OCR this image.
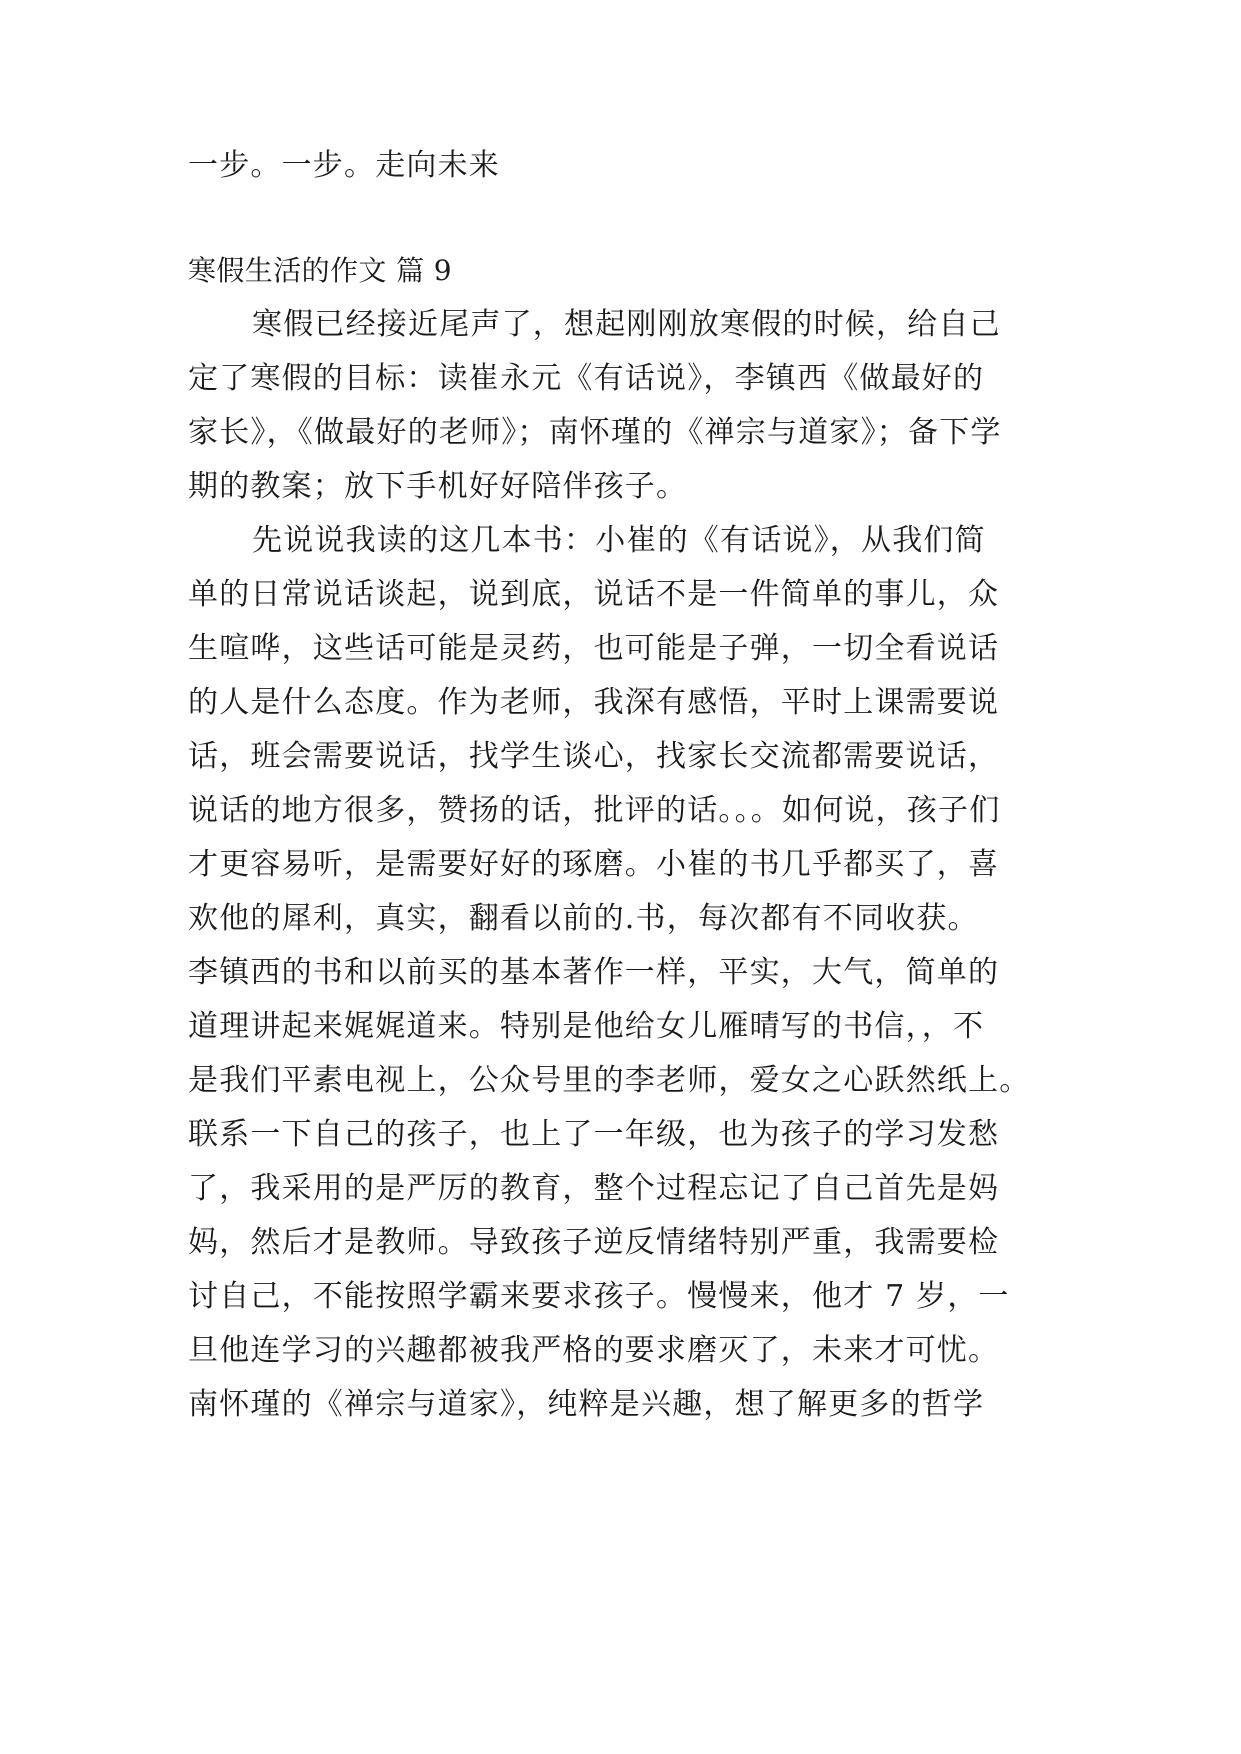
一步。一步。走向未来

寒假生活的作文 篇 9

寒假已经接近尾声了，想起刚刚放寒假的时候，给自己

定了寒假的目标：读崔永元《有话说》，李镇西《做最好的

家长》，《做最好的老师》；南怀瑾的《禅宗与道家》；备下学

期的教案；放下手机好好陪伴孩子。

先说说我读的这几本书：小崔的《有话说》，从我们简

单的日常说话谈起，说到底，说话不是一件简单的事儿，众

生喧哗，这些话可能是灵药，也可能是子弹，一切全看说话

的人是什么态度。作为老师，我深有感悟，平时上课需要说

话，班会需要说话，找学生谈心，找家长交流都需要说话，

说话的地方很多，赞扬的话，批评的话。。。如何说，孩子们

才更容易听，是需要好好的琢磨。小崔的书几乎都买了，喜

欢他的犀利，真实，翻看以前的.书，每次都有不同收获。

李镇西的书和以前买的基本著作一样，平实，大气，简单的

道理讲起来娓娓道来。特别是他给女儿雁晴写的书信，，不

是我们平素电视上，公众号里的李老师，爱女之心跃然纸上。

联系一下自己的孩子，也上了一年级，也为孩子的学习发愁

了，我采用的是严厉的教育，整个过程忘记了自己首先是妈

妈，然后才是教师。导致孩子逆反情绪特别严重，我需要检

讨自己，不能按照学霸来要求孩子。慢慢来，他才 7 岁，一

旦他连学习的兴趣都被我严格的要求磨灭了，未来才可忧。

南怀瑾的《禅宗与道家》，纯粹是兴趣，想了解更多的哲学
